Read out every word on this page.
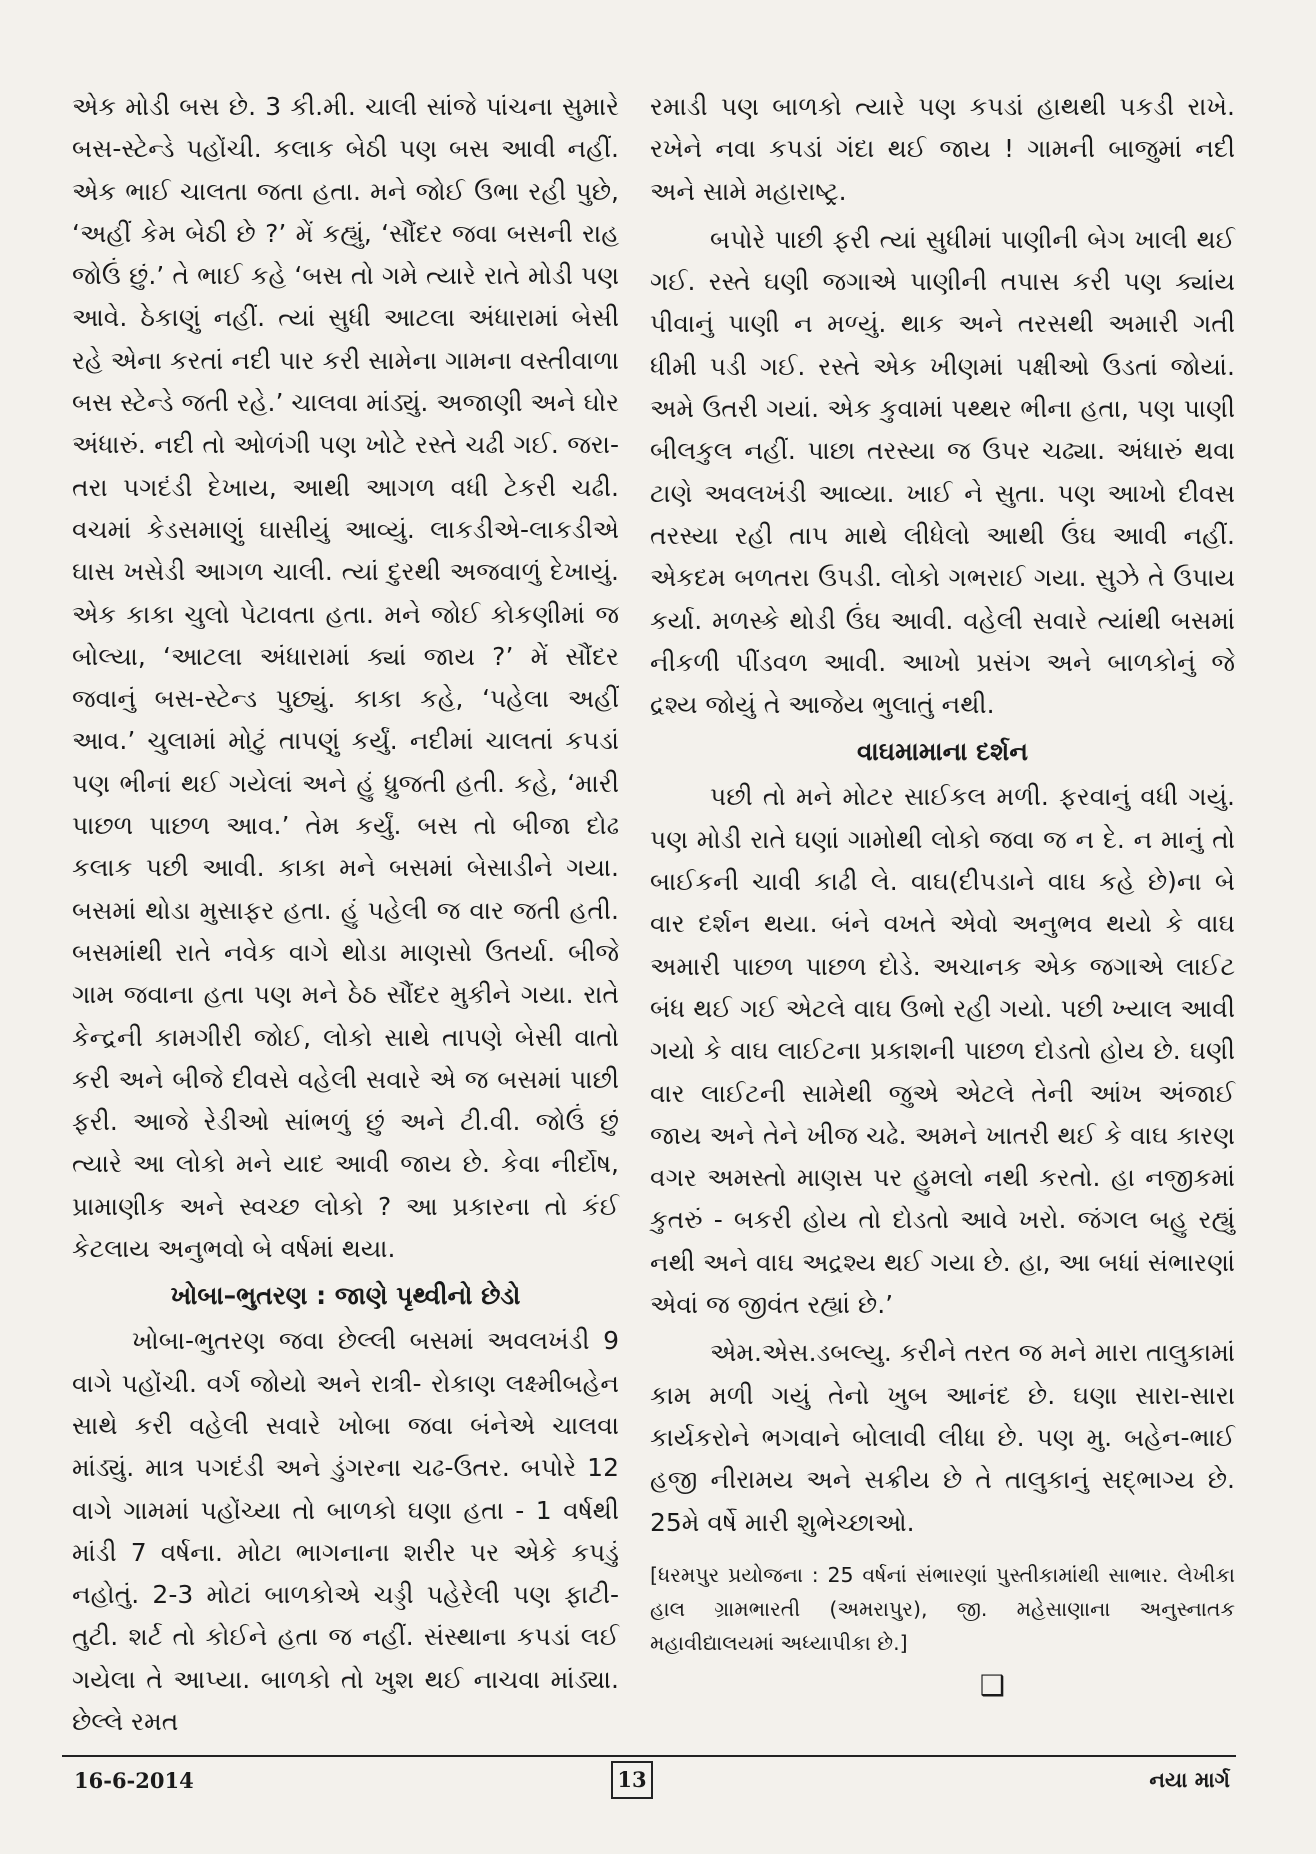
એક મોડી બસ છે. 3 કી.મી. ચાલી સાંજે પાંચના સુમારે બસ-સ્ટેન્ડે પહોંચી. કલાક બેઠી પણ બસ આવી નહીં. એક ભાઈ ચાલતા જતા હતા. મને જોઈ ઉભા રહી પુછે, ‘અહીં કેમ બેઠી છે ?’ મેં કહ્યું, ‘સૌંદર જવા બસની રાહ જોઉં છું.’ તે ભાઈ કહે ‘બસ તો ગમે ત્યારે રાતે મોડી પણ આવે. ઠેકાણું નહીં. ત્યાં સુધી આટલા અંધારામાં બેસી રહે એના કરતાં નદી પાર કરી સામેના ગામના વસ્તીવાળા બસ સ્ટેન્ડે જતી રહે.’ ચાલવા માંડ્યું. અજાણી અને ઘોર અંધારું. નદી તો ઓળંગી પણ ખોટે રસ્તે ચઢી ગઈ. જરા-તરા પગદંડી દેખાય, આથી આગળ વધી ટેકરી ચઢી. વચમાં કેડસમાણું ઘાસીયું આવ્યું. લાકડીએ-લાકડીએ ઘાસ ખસેડી આગળ ચાલી. ત્યાં દુરથી અજવાળું દેખાયું. એક કાકા ચુલો પેટાવતા હતા. મને જોઈ કોકણીમાં જ બોલ્યા, ‘આટલા અંધારામાં ક્યાં જાય ?’ મેં સૌંદર જવાનું બસ-સ્ટેન્ડ પુછ્યું. કાકા કહે, ‘પહેલા અહીં આવ.’ ચુલામાં મોટું તાપણું કર્યું. નદીમાં ચાલતાં કપડાં પણ ભીનાં થઈ ગયેલાં અને હું ધ્રુજતી હતી. કહે, ‘મારી પાછળ પાછળ આવ.’ તેમ કર્યું. બસ તો બીજા દોઢ કલાક પછી આવી. કાકા મને બસમાં બેસાડીને ગયા. બસમાં થોડા મુસાફર હતા. હું પહેલી જ વાર જતી હતી. બસમાંથી રાતે નવેક વાગે થોડા માણસો ઉતર્યા. બીજે ગામ જવાના હતા પણ મને ઠેઠ સૌંદર મુકીને ગયા. રાતે કેન્દ્રની કામગીરી જોઈ, લોકો સાથે તાપણે બેસી વાતો કરી અને બીજે દીવસે વહેલી સવારે એ જ બસમાં પાછી ફરી. આજે રેડીઓ સાંભળું છું અને ટી.વી. જોઉં છું ત્યારે આ લોકો મને યાદ આવી જાય છે. કેવા નીર્દોષ, પ્રામાણીક અને સ્વચ્છ લોકો ? આ પ્રકારના તો કંઈ કેટલાય અનુભવો બે વર્ષમાં થયા.

ખોબા–ભુતરણ : જાણે પૃથ્વીનો છેડો

ખોબા-ભુતરણ જવા છેલ્લી બસમાં અવલખંડી 9 વાગે પહોંચી. વર્ગ જોયો અને રાત્રી- રોકાણ લક્ષ્મીબહેન સાથે કરી વહેલી સવારે ખોબા જવા બંનેએ ચાલવા માંડ્યું. માત્ર પગદંડી અને ડુંગરના ચઢ-ઉતર. બપોરે 12 વાગે ગામમાં પહોંચ્યા તો બાળકો ઘણા હતા - 1 વર્ષથી માંડી 7 વર્ષના. મોટા ભાગનાના શરીર પર એકે કપડું નહોતું. 2-3 મોટાં બાળકોએ ચડ્ડી પહેરેલી પણ ફાટી-તુટી. શર્ટ તો કોઈને હતા જ નહીં. સંસ્થાના કપડાં લઈ ગયેલા તે આપ્યા. બાળકો તો ખુશ થઈ નાચવા માંડ્યા. છેલ્લે રમત

રમાડી પણ બાળકો ત્યારે પણ કપડાં હાથથી પકડી રાખે. રખેને નવા કપડાં ગંદા થઈ જાય ! ગામની બાજુમાં નદી અને સામે મહારાષ્ટ્ર.

બપોરે પાછી ફરી ત્યાં સુધીમાં પાણીની બેગ ખાલી થઈ ગઈ. રસ્તે ઘણી જગાએ પાણીની તપાસ કરી પણ ક્યાંય પીવાનું પાણી ન મળ્યું. થાક અને તરસથી અમારી ગતી ધીમી પડી ગઈ. રસ્તે એક ખીણમાં પક્ષીઓ ઉડતાં જોયાં. અમે ઉતરી ગયાં. એક કુવામાં પથ્થર ભીના હતા, પણ પાણી બીલકુલ નહીં. પાછા તરસ્યા જ ઉપર ચઢ્યા. અંધારું થવા ટાણે અવલખંડી આવ્યા. ખાઈ ને સુતા. પણ આખો દીવસ તરસ્યા રહી તાપ માથે લીધેલો આથી ઉંઘ આવી નહીં. એકદમ બળતરા ઉપડી. લોકો ગભરાઈ ગયા. સુઝે તે ઉપાય કર્યા. મળસ્કે થોડી ઉંઘ આવી. વહેલી સવારે ત્યાંથી બસમાં નીકળી પીંડવળ આવી. આખો પ્રસંગ અને બાળકોનું જે દ્રશ્ય જોયું તે આજેય ભુલાતું નથી.

વાઘમામાના દર્શન

પછી તો મને મોટર સાઈકલ મળી. ફરવાનું વધી ગયું. પણ મોડી રાતે ઘણાં ગામોથી લોકો જવા જ ન દે. ન માનું તો બાઈકની ચાવી કાઢી લે. વાઘ(દીપડાને વાઘ કહે છે)ના બે વાર દર્શન થયા. બંને વખતે એવો અનુભવ થયો કે વાઘ અમારી પાછળ પાછળ દોડે. અચાનક એક જગાએ લાઈટ બંધ થઈ ગઈ એટલે વાઘ ઉભો રહી ગયો. પછી ખ્યાલ આવી ગયો કે વાઘ લાઈટના પ્રકાશની પાછળ દોડતો હોય છે. ઘણી વાર લાઈટની સામેથી જુએ એટલે તેની આંખ અંજાઈ જાય અને તેને ખીજ ચઢે. અમને ખાતરી થઈ કે વાઘ કારણ વગર અમસ્તો માણસ પર હુમલો નથી કરતો. હા નજીકમાં કુતરું - બકરી હોય તો દોડતો આવે ખરો. જંગલ બહુ રહ્યું નથી અને વાઘ અદ્રશ્ય થઈ ગયા છે. હા, આ બધાં સંભારણાં એવાં જ જીવંત રહ્યાં છે.’

એમ.એસ.ડબલ્યુ. કરીને તરત જ મને મારા તાલુકામાં કામ મળી ગયું તેનો ખુબ આનંદ છે. ઘણા સારા-સારા કાર્યકરોને ભગવાને બોલાવી લીધા છે. પણ મુ. બહેન-ભાઈ હજી નીરામય અને સક્રીય છે તે તાલુકાનું સદ્ભાગ્ય છે. 25મે વર્ષે મારી શુભેચ્છાઓ.

[ધરમપુર પ્રયોજના : 25 વર્ષનાં સંભારણાં પુસ્તીકામાંથી સાભાર. લેખીકા હાલ ગ્રામભારતી (અમરાપુર), જી. મહેસાણાના અનુસ્નાતક મહાવીદ્યાલયમાં અધ્યાપીકા છે.]

❑

16-6-2014	13	નયા માર્ગ
